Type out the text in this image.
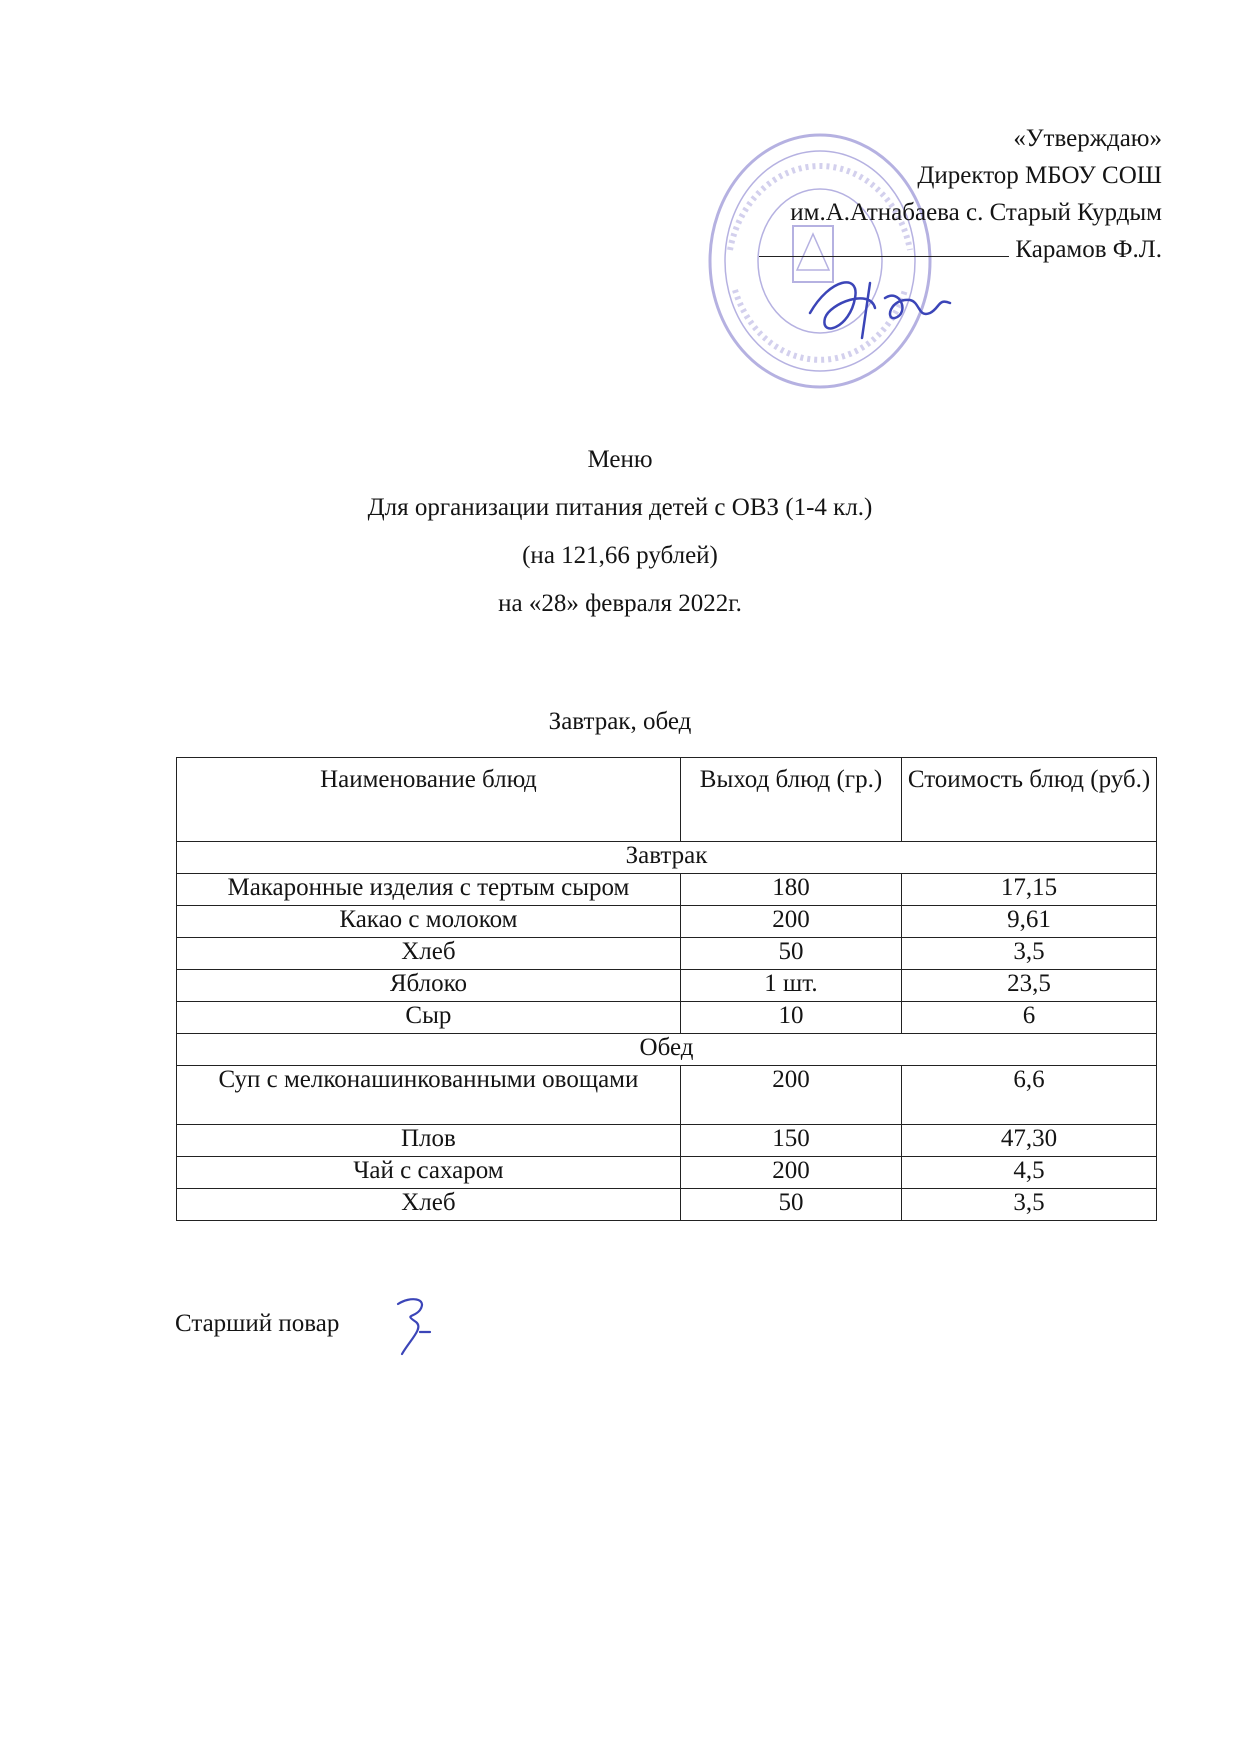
«Утверждаю»
Директор МБОУ СОШ
им.А.Атнабаева с. Старый Курдым
Карамов Ф.Л.
Меню
Для организации питания детей с ОВЗ (1-4 кл.)
(на 121,66 рублей)
на «28» февраля 2022г.
Завтрак, обед
Наименование блюд	Выход блюд (гр.)	Стоимость блюд (руб.)
Завтрак		
Макаронные изделия с тертым сыром	180	17,15
Какао с молоком	200	9,61
Хлеб	50	3,5
Яблоко	1 шт.	23,5
Сыр	10	6
Обед		
Суп с мелконашинкованными овощами	200	6,6
Плов	150	47,30
Чай с сахаром	200	4,5
Хлеб	50	3,5
Старший повар
